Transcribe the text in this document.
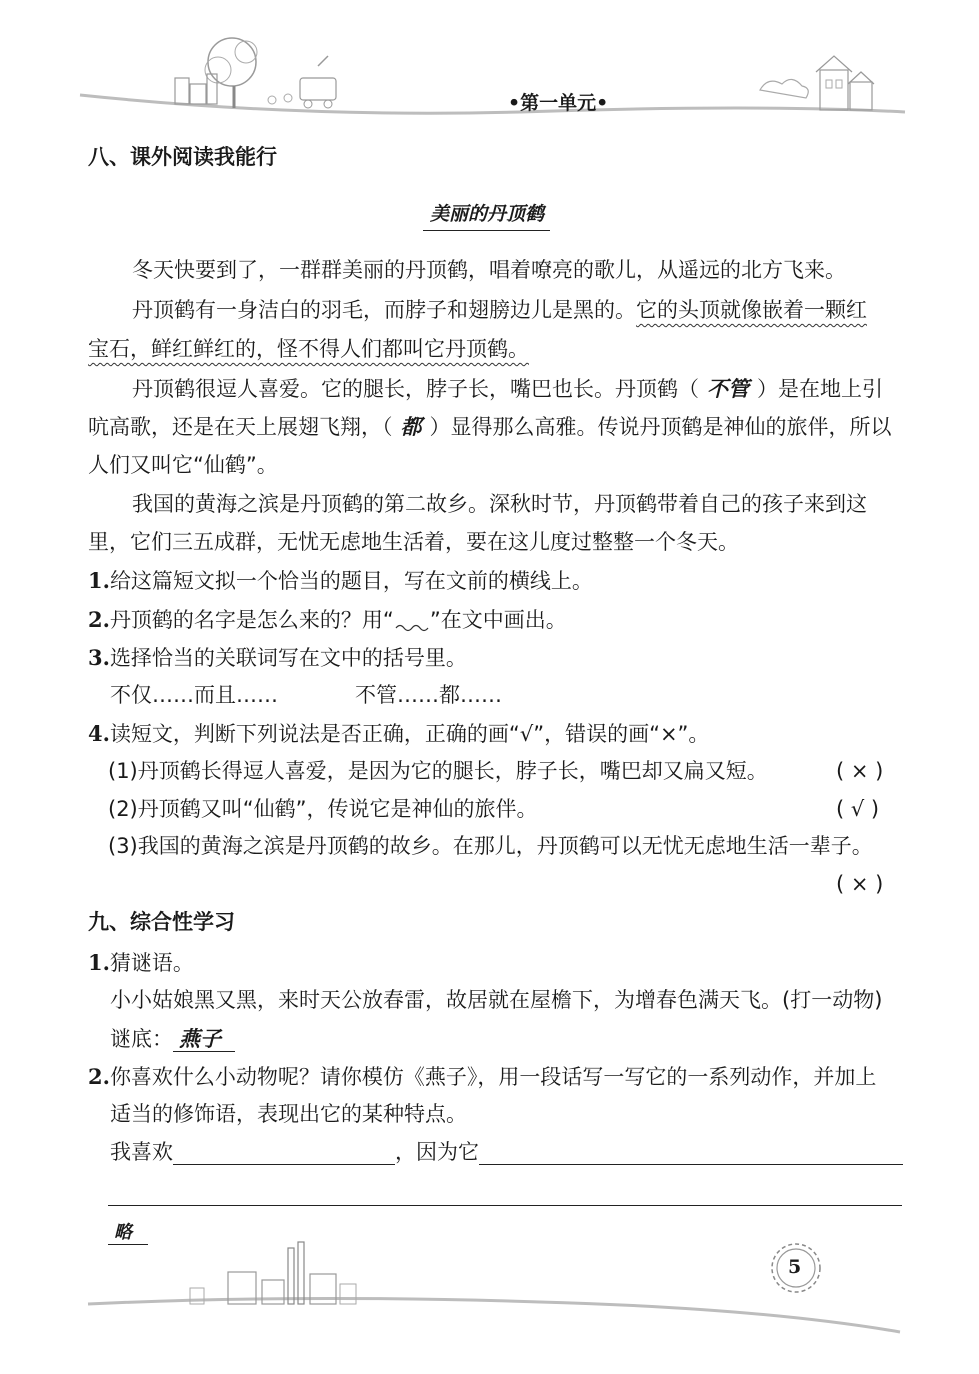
•第一单元•
八、课外阅读我能行
美丽的丹顶鹤
冬天快要到了，一群群美丽的丹顶鹤，唱着嘹亮的歌儿，从遥远的北方飞来。
丹顶鹤有一身洁白的羽毛，而脖子和翅膀边儿是黑的。它的头顶就像嵌着一颗红
宝石，鲜红鲜红的，怪不得人们都叫它丹顶鹤。
丹顶鹤很逗人喜爱。它的腿长，脖子长，嘴巴也长。丹顶鹤（ 不管 ）是在地上引
吭高歌，还是在天上展翅飞翔，（ 都 ）显得那么高雅。传说丹顶鹤是神仙的旅伴，所以
人们又叫它“仙鹤”。
我国的黄海之滨是丹顶鹤的第二故乡。深秋时节，丹顶鹤带着自己的孩子来到这
里，它们三五成群，无忧无虑地生活着，要在这儿度过整整一个冬天。
1.给这篇短文拟一个恰当的题目，写在文前的横线上。
2.丹顶鹤的名字是怎么来的？用“ ”在文中画出。
3.选择恰当的关联词写在文中的括号里。
不仅……而且……	不管……都……
4.读短文，判断下列说法是否正确，正确的画“√”，错误的画“×”。
(1)丹顶鹤长得逗人喜爱，是因为它的腿长，脖子长，嘴巴却又扁又短。	( × )
(2)丹顶鹤又叫“仙鹤”，传说它是神仙的旅伴。	( √ )
(3)我国的黄海之滨是丹顶鹤的故乡。在那儿，丹顶鹤可以无忧无虑地生活一辈子。
( × )
九、综合性学习
1.猜谜语。
小小姑娘黑又黑，来时天公放春雷，故居就在屋檐下，为增春色满天飞。(打一动物)
谜底： 燕子
2.你喜欢什么小动物呢？请你模仿《燕子》，用一段话写一写它的一系列动作，并加上
适当的修饰语，表现出它的某种特点。
我喜欢	，因为它
略
5
